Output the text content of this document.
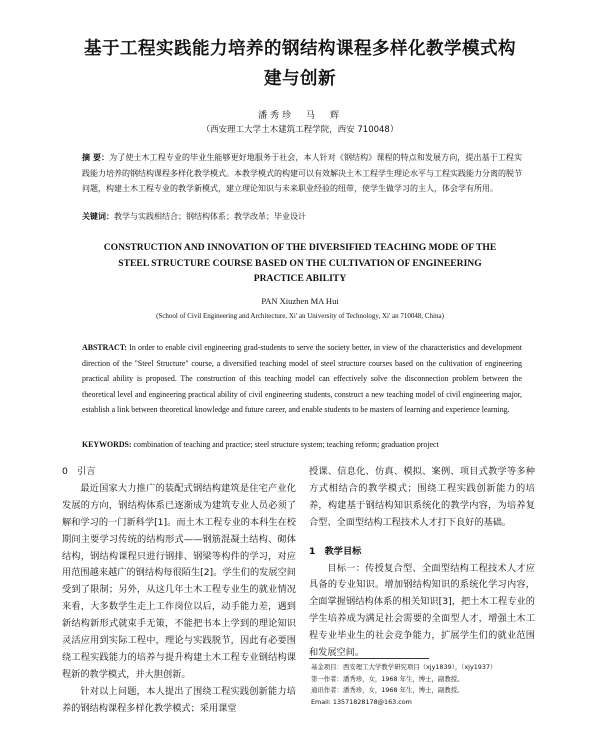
基于工程实践能力培养的钢结构课程多样化教学模式构
建与创新
潘秀珍　马　辉
（西安理工大学土木建筑工程学院，西安 710048）
摘 要：为了使土木工程专业的毕业生能够更好地服务于社会，本人针对《钢结构》课程的特点和发展方向，提出基于工程实践能力培养的钢结构课程多样化教学模式。本教学模式的构建可以有效解决土木工程学生理论水平与工程实践能力分离的脱节问题，构建土木工程专业的教学新模式，建立理论知识与未来职业经验的纽带，使学生做学习的主人，体会学有所用。
关键词：教学与实践相结合；钢结构体系；教学改革；毕业设计
CONSTRUCTION AND INNOVATION OF THE DIVERSIFIED TEACHING MODE OF THE
STEEL STRUCTURE COURSE BASED ON THE CULTIVATION OF ENGINEERING
PRACTICE ABILITY
PAN Xiuzhen MA Hui
(School of Civil Engineering and Architecture, Xi' an University of Technology, Xi' an 710048, China)
ABSTRACT: In order to enable civil engineering grad-students to serve the society better, in view of the characteristics and development direction of the "Steel Structure" course, a diversified teaching model of steel structure courses based on the cultivation of engineering practical ability is proposed. The construction of this teaching model can effectively solve the disconnection problem between the theoretical level and engineering practical ability of civil engineering students, construct a new teaching model of civil engineering major, establish a link between theoretical knowledge and future career, and enable students to be masters of learning and experience learning.
KEYWORDS: combination of teaching and practice; steel structure system; teaching reform; graduation project

0　引言

最近国家大力推广的装配式钢结构建筑是住宅产业化发展的方向，钢结构体系已逐渐成为建筑专业人员必须了解和学习的一门新科学[1]。而土木工程专业的本科生在校期间主要学习传统的结构形式——钢筋混凝土结构、砌体结构，钢结构课程只进行钢排、钢梁等构件的学习，对应用范围越来越广的钢结构每很陌生[2]。学生们的发展空间受到了限制；另外，从这几年土木工程专业生的就业情况来看，大多数学生走上工作岗位以后，动手能力差，遇到新结构新形式就束手无策，不能把书本上学到的理论知识灵活应用到实际工程中，理论与实践脱节，因此有必要围绕工程实践能力的培养与提升构建土木工程专业钢结构课程新的教学模式，并大胆创新。

针对以上问题，本人提出了围绕工程实践创新能力培养的钢结构课程多样化教学模式；采用课堂

授课、信息化、仿真、模拟、案例、项目式教学等多种方式相结合的教学模式；围绕工程实践创新能力的培养，构建基于钢结构知识系统化的教学内容，为培养复合型、全面型结构工程技术人才打下良好的基础。

1　教学目标

目标一：传授复合型、全面型结构工程技术人才应具备的专业知识。增加钢结构知识的系统化学习内容，全面掌握钢结构体系的相关知识[3]，把土木工程专业的学生培养成为满足社会需要的全面型人才，增强土木工程专业毕业生的社会竞争能力，扩展学生们的就业范围和发展空间。

基金项目：西安理工大学教学研究项目（xjy1839），（xjy1937）
第一作者：潘秀珍，女，1968 年生，博士，副教授。
通讯作者：潘秀珍，女，1968 年生，博士，副教授。
Email: 13571828178@163.com
